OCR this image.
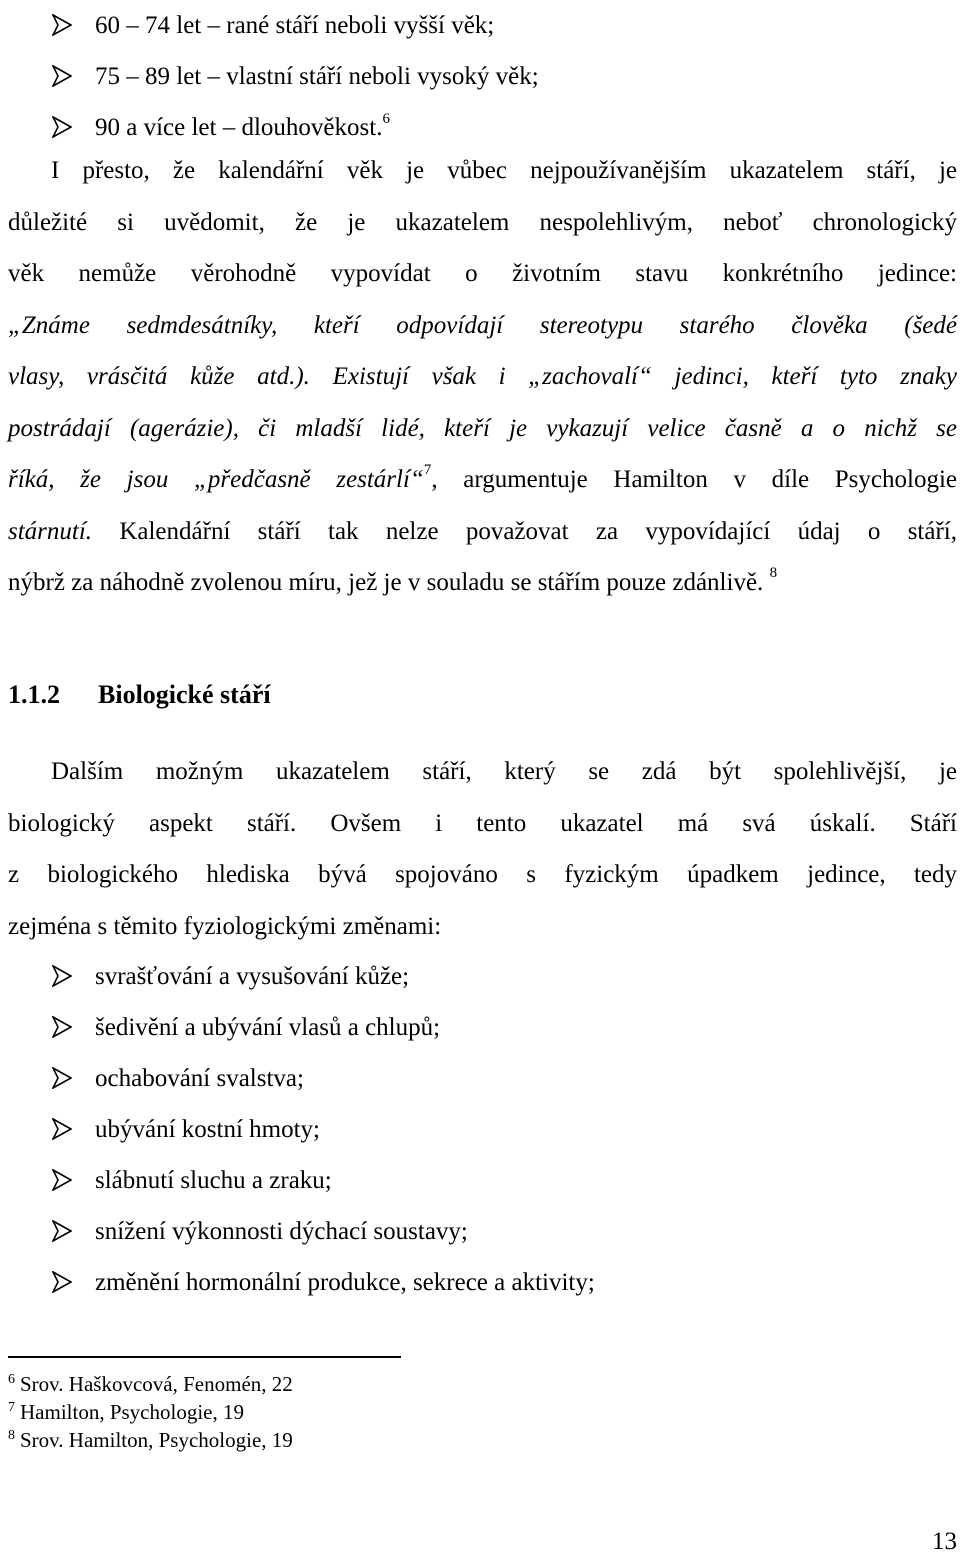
60 – 74 let – rané stáří neboli vyšší věk;
75 – 89 let – vlastní stáří neboli vysoký věk;
90 a více let – dlouhověkost.$^6$
I přesto, že kalendářní věk je vůbec nejpoužívanějším ukazatelem stáří, je
důležité si uvědomit, že je ukazatelem nespolehlivým, neboť chronologický
věk nemůže věrohodně vypovídat o životním stavu konkrétního jedince:
„Známe sedmdesátníky, kteří odpovídají stereotypu starého člověka (šedé
vlasy, vrásčitá kůže atd.). Existují však i „zachovalí“ jedinci, kteří tyto znaky
postrádají (agerázie), či mladší lidé, kteří je vykazují velice časně a o nichž se
říká, že jsou „předčasně zestárlí“$^7$, argumentuje Hamilton v díle Psychologie
stárnutí. Kalendářní stáří tak nelze považovat za vypovídající údaj o stáří,
nýbrž za náhodně zvolenou míru, jež je v souladu se stářím pouze zdánlivě. $^8$
1.1.2 Biologické stáří
Dalším možným ukazatelem stáří, který se zdá být spolehlivější, je
biologický aspekt stáří. Ovšem i tento ukazatel má svá úskalí. Stáří
z biologického hlediska bývá spojováno s fyzickým úpadkem jedince, tedy
zejména s těmito fyziologickými změnami:
svrašťování a vysušování kůže;
šedivění a ubývání vlasů a chlupů;
ochabování svalstva;
ubývání kostní hmoty;
slábnutí sluchu a zraku;
snížení výkonnosti dýchací soustavy;
změnění hormonální produkce, sekrece a aktivity;
$^6$ Srov. Haškovcová, Fenomén, 22
$^7$ Hamilton, Psychologie, 19
$^8$ Srov. Hamilton, Psychologie, 19
13
